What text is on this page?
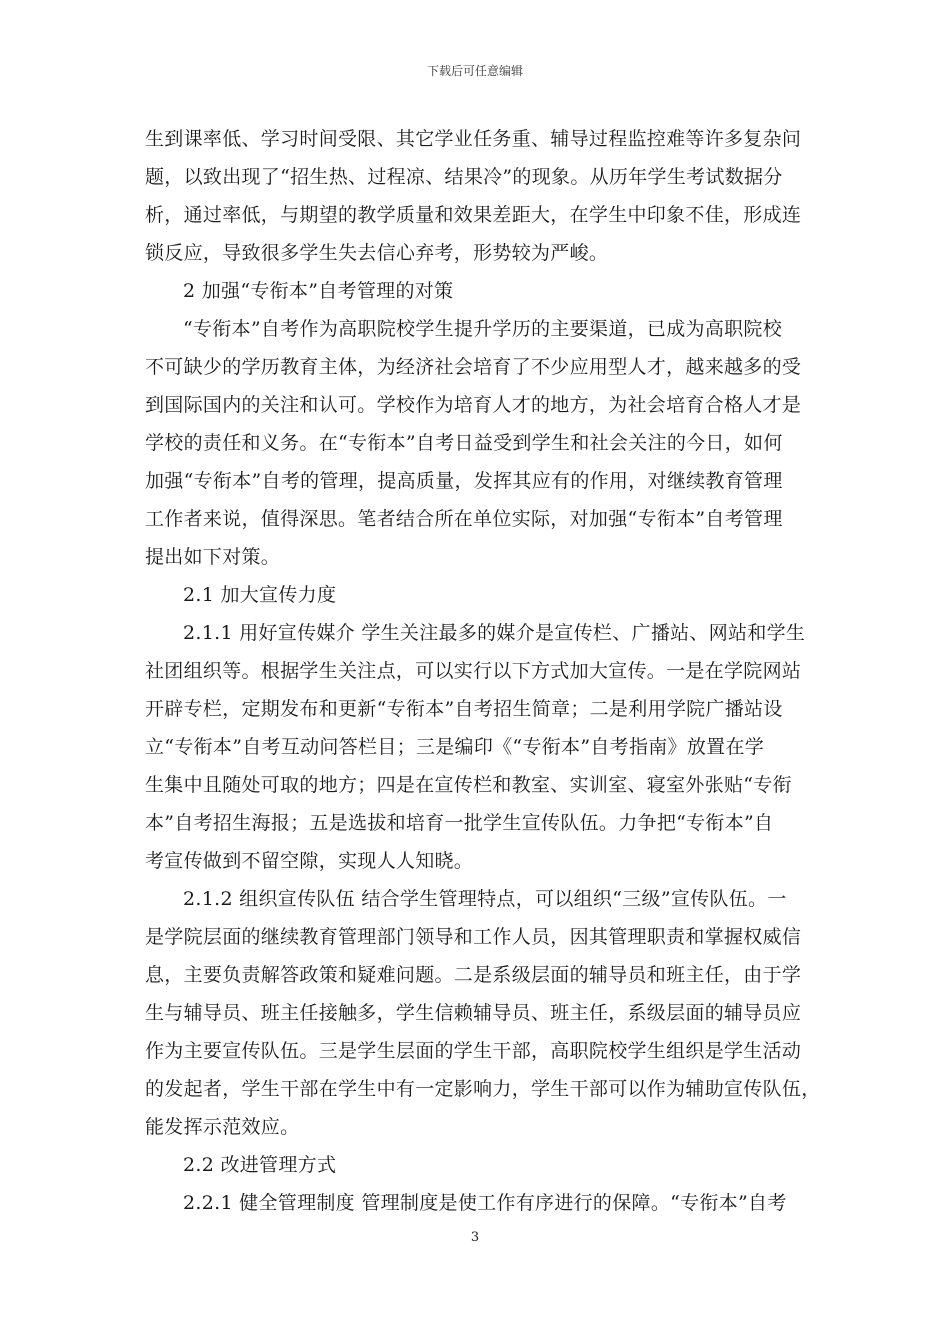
下载后可任意编辑
生到课率低、学习时间受限、其它学业任务重、辅导过程监控难等许多复杂问
题，以致出现了“招生热、过程凉、结果冷”的现象。从历年学生考试数据分
析，通过率低，与期望的教学质量和效果差距大，在学生中印象不佳，形成连
锁反应，导致很多学生失去信心弃考，形势较为严峻。
2 加强“专衔本”自考管理的对策
“专衔本”自考作为高职院校学生提升学历的主要渠道，已成为高职院校
不可缺少的学历教育主体，为经济社会培育了不少应用型人才，越来越多的受
到国际国内的关注和认可。学校作为培育人才的地方，为社会培育合格人才是
学校的责任和义务。在“专衔本”自考日益受到学生和社会关注的今日，如何
加强“专衔本”自考的管理，提高质量，发挥其应有的作用，对继续教育管理
工作者来说，值得深思。笔者结合所在单位实际，对加强“专衔本”自考管理
提出如下对策。
2.1 加大宣传力度
2.1.1 用好宣传媒介 学生关注最多的媒介是宣传栏、广播站、网站和学生
社团组织等。根据学生关注点，可以实行以下方式加大宣传。一是在学院网站
开辟专栏，定期发布和更新“专衔本”自考招生简章；二是利用学院广播站设
立“专衔本”自考互动问答栏目；三是编印《“专衔本”自考指南》放置在学
生集中且随处可取的地方；四是在宣传栏和教室、实训室、寝室外张贴“专衔
本”自考招生海报；五是选拔和培育一批学生宣传队伍。力争把“专衔本”自
考宣传做到不留空隙，实现人人知晓。
2.1.2 组织宣传队伍 结合学生管理特点，可以组织“三级”宣传队伍。一
是学院层面的继续教育管理部门领导和工作人员，因其管理职责和掌握权威信
息，主要负责解答政策和疑难问题。二是系级层面的辅导员和班主任，由于学
生与辅导员、班主任接触多，学生信赖辅导员、班主任，系级层面的辅导员应
作为主要宣传队伍。三是学生层面的学生干部，高职院校学生组织是学生活动
的发起者，学生干部在学生中有一定影响力，学生干部可以作为辅助宣传队伍，
能发挥示范效应。
2.2 改进管理方式
2.2.1 健全管理制度 管理制度是使工作有序进行的保障。“专衔本”自考
3
